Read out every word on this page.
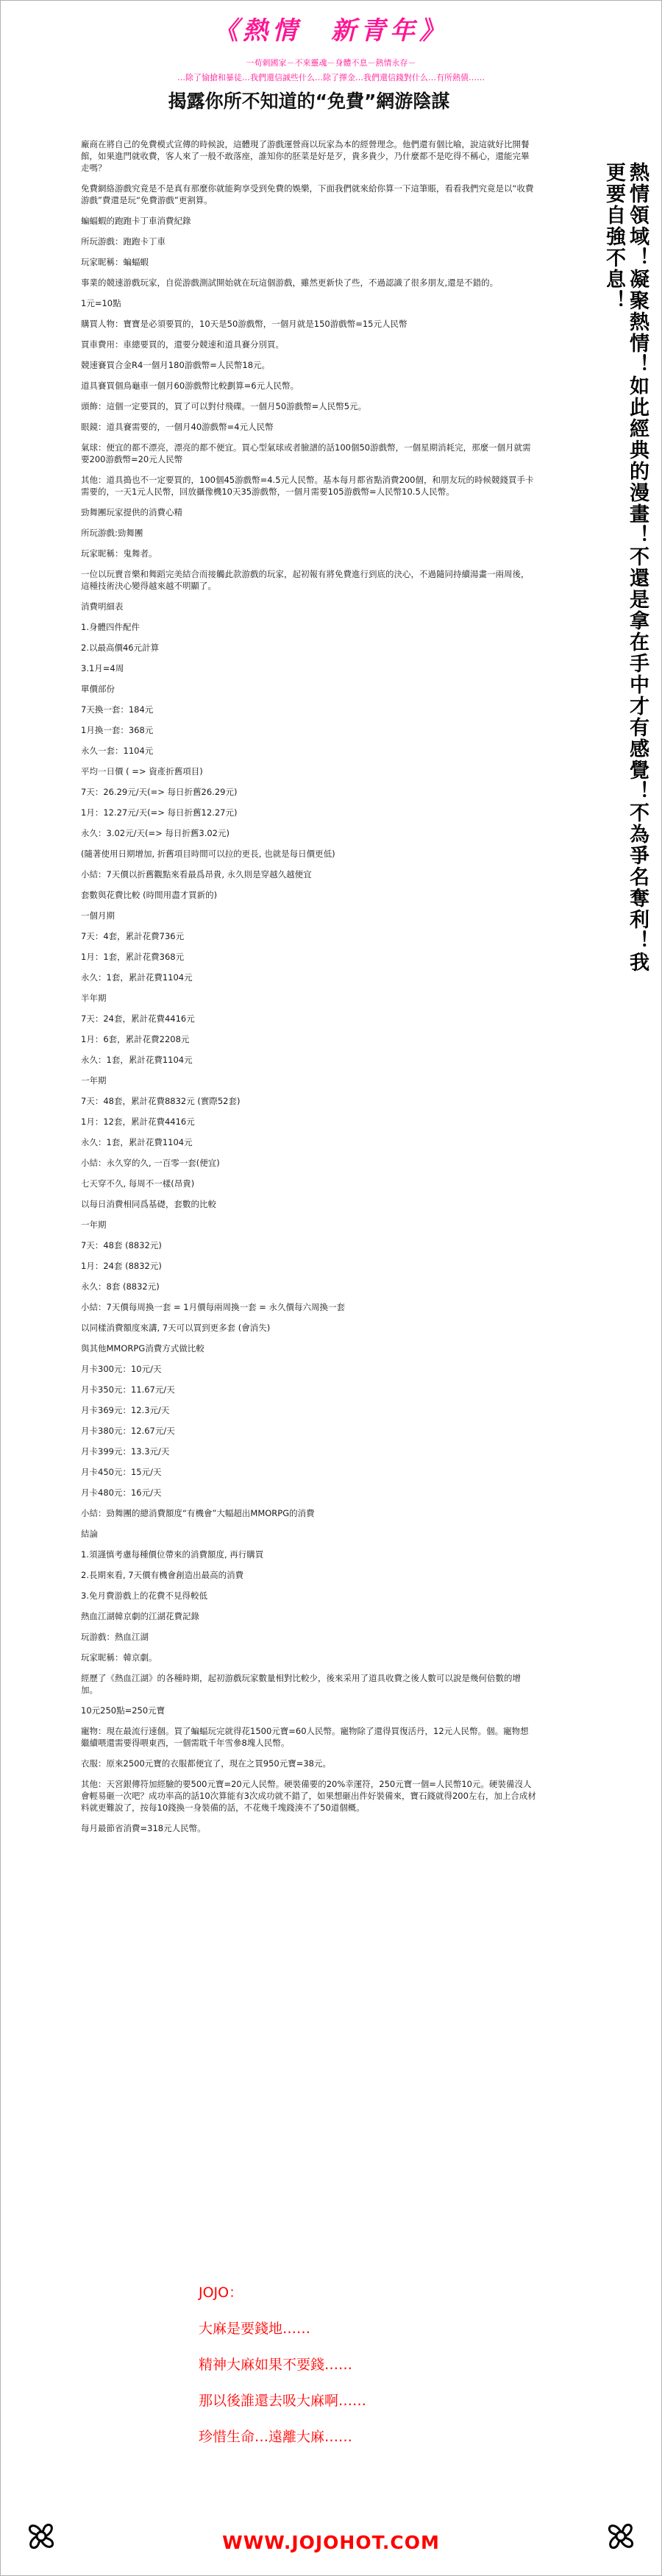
《熱情　新青年》
一苟刺國家－不來靈魂－身體不息－熱情永存－
…除了愉搶和暴徒…我們還信誠些什么…除了擇金…我們還信錢對什么…有所熱債……
揭露你所不知道的“免費”網游陰謀

廠商在將自己的免費模式宣傳的時候說，這體現了游戲運營商以玩家為本的經營理念。他們還有個比喻，說這就好比開餐館，如果進門就收費，客人來了一般不敢落座，誰知你的胚菜是好是歹，貴多貴少，乃什麼都不是吃得不稱心，還能完畢走嗎？

免費網絡游戲究竟是不是真有那麼你就能夠享受到免費的娛樂，下面我們就來給你算一下這筆賬，看看我們究竟是以“收費游戲”費還是玩“免費游戲”更割算。

蝙蝠蝦的跑跑卡丁車消費紀錄

所玩游戲：跑跑卡丁車

玩家昵稱：蝙蝠蝦

事業的競速游戲玩家，自從游戲測試開始就在玩這個游戲，雖然更新快了些，不過認識了很多朋友,還是不錯的。

1元=10點

購買人物：寶寶是必須要買的，10天是50游戲幣，一個月就是150游戲幣=15元人民幣

買車費用：車總要買的，還要分競速和道具賽分別買。

競速賽買合金R4一個月180游戲幣=人民幣18元。

道具賽買個鳥龜車一個月60游戲幣比較劃算=6元人民幣。

頭飾：這個一定要買的，買了可以對付飛碟。一個月50游戲幣=人民幣5元。

眼鏡：道具賽需要的，一個月40游戲幣=4元人民幣

氣球：便宜的都不漂亮，漂亮的都不便宜。買心型氣球或者臉譜的話100個50游戲幣，一個星期消耗完，那麼一個月就需要200游戲幣=20元人民幣

其他：道具搗也不一定要買的，100個45游戲幣=4.5元人民幣。基本每月都省點消費200個，和朋友玩的時候競錢買手卡需要的，一天1元人民幣，回放攝像機10天35游戲幣，一個月需要105游戲幣=人民幣10.5人民幣。

勁舞團玩家提供的消費心精

所玩游戲:勁舞團

玩家昵稱：鬼舞者。

一位以玩賣音樂和舞蹈完美結合而接觸此款游戲的玩家，起初報有將免費進行到底的決心，不過隨同持續湯畫一兩周後，這種技術決心變得越來越不明顯了。

消費明細表

1.身體四件配件

2.以最高價46元計算

3.1月=4周

單價部份

7天換一套：184元

1月換一套：368元

永久一套：1104元

平均一日價 ( => 資產折舊項目)

7天：26.29元/天(=> 每日折舊26.29元)

1月：12.27元/天(=> 每日折舊12.27元)

永久：3.02元/天(=> 每日折舊3.02元)

(隨著使用日期增加, 折舊項目時間可以拉的更長, 也就是每日價更低)

小結：7天價以折舊觀點來看最爲昂貴, 永久則是穿越久越便宜

套數與花費比較 (時間用盡才買新的)

一個月期

7天：4套，累計花費736元

1月：1套，累計花費368元

永久：1套，累計花費1104元

半年期

7天：24套，累計花費4416元

1月：6套，累計花費2208元

永久：1套，累計花費1104元

一年期

7天：48套，累計花費8832元 (實際52套)

1月：12套，累計花費4416元

永久：1套，累計花費1104元

小結：永久穿的久, 一百零一套(便宜)

七天穿不久, 每周不一樣(昂貴)

以每日消費相同爲基礎，套數的比較

一年期

7天：48套 (8832元)

1月：24套 (8832元)

永久：8套 (8832元)

小結：7天價每周換一套 = 1月價每兩周換一套 = 永久價每六周換一套

以同樣消費額度來講, 7天可以買到更多套 (會消失)

與其他MMORPG消費方式做比較

月卡300元：10元/天

月卡350元：11.67元/天

月卡369元：12.3元/天

月卡380元：12.67元/天

月卡399元：13.3元/天

月卡450元：15元/天

月卡480元：16元/天

小結：勁舞團的總消費額度“有機會”大幅超出MMORPG的消費

結論

1.須謹慎考慮每種價位帶來的消費額度, 再行購買

2.長期來看, 7天價有機會創造出最高的消費

3.免月費游戲上的花費不見得較低

熱血江湖韓京劇的江湖花費記錄

玩游戲：熱血江湖

玩家昵稱：韓京劇。

經歷了《熱血江湖》的各種時期，起初游戲玩家數量相對比較少，後來采用了道具收費之後人數可以說是幾何倍數的增加。

10元250點=250元寶

寵物：現在最流行速個。買了蝙蝠玩完就得花1500元寶=60人民幣。寵物除了還得買復活丹，12元人民幣。個。寵物想繼續喂還需要得喂東西，一個需耽千年雪參8塊人民幣。

衣服：原來2500元寶的衣服都便宜了，現在之買950元寶=38元。

其他：天宮銀傳符加經驗的要500元寶=20元人民幣。硬裝備要的20%幸運符，250元寶一個=人民幣10元。硬裝備沒人會輕易砸一次吧？成功率高的話10次算能有3次成功就不錯了，如果想砸出件好裝備來，寶石錢就得200左右，加上合成材料就更難說了，按每10錢換一身裝備的話，不花幾千塊錢湊不了50道個概。

每月最節省消費=318元人民幣。

熱情領域！凝聚熱情！如此經典的漫畫！不還是拿在手中才有感覺！不為爭名奪利！我更要自強不息！
JOJO：
大麻是要錢地……
精神大麻如果不要錢……
那以後誰還去吸大麻啊……
珍惜生命…遠離大麻……
WWW.JOJOHOT.COM
